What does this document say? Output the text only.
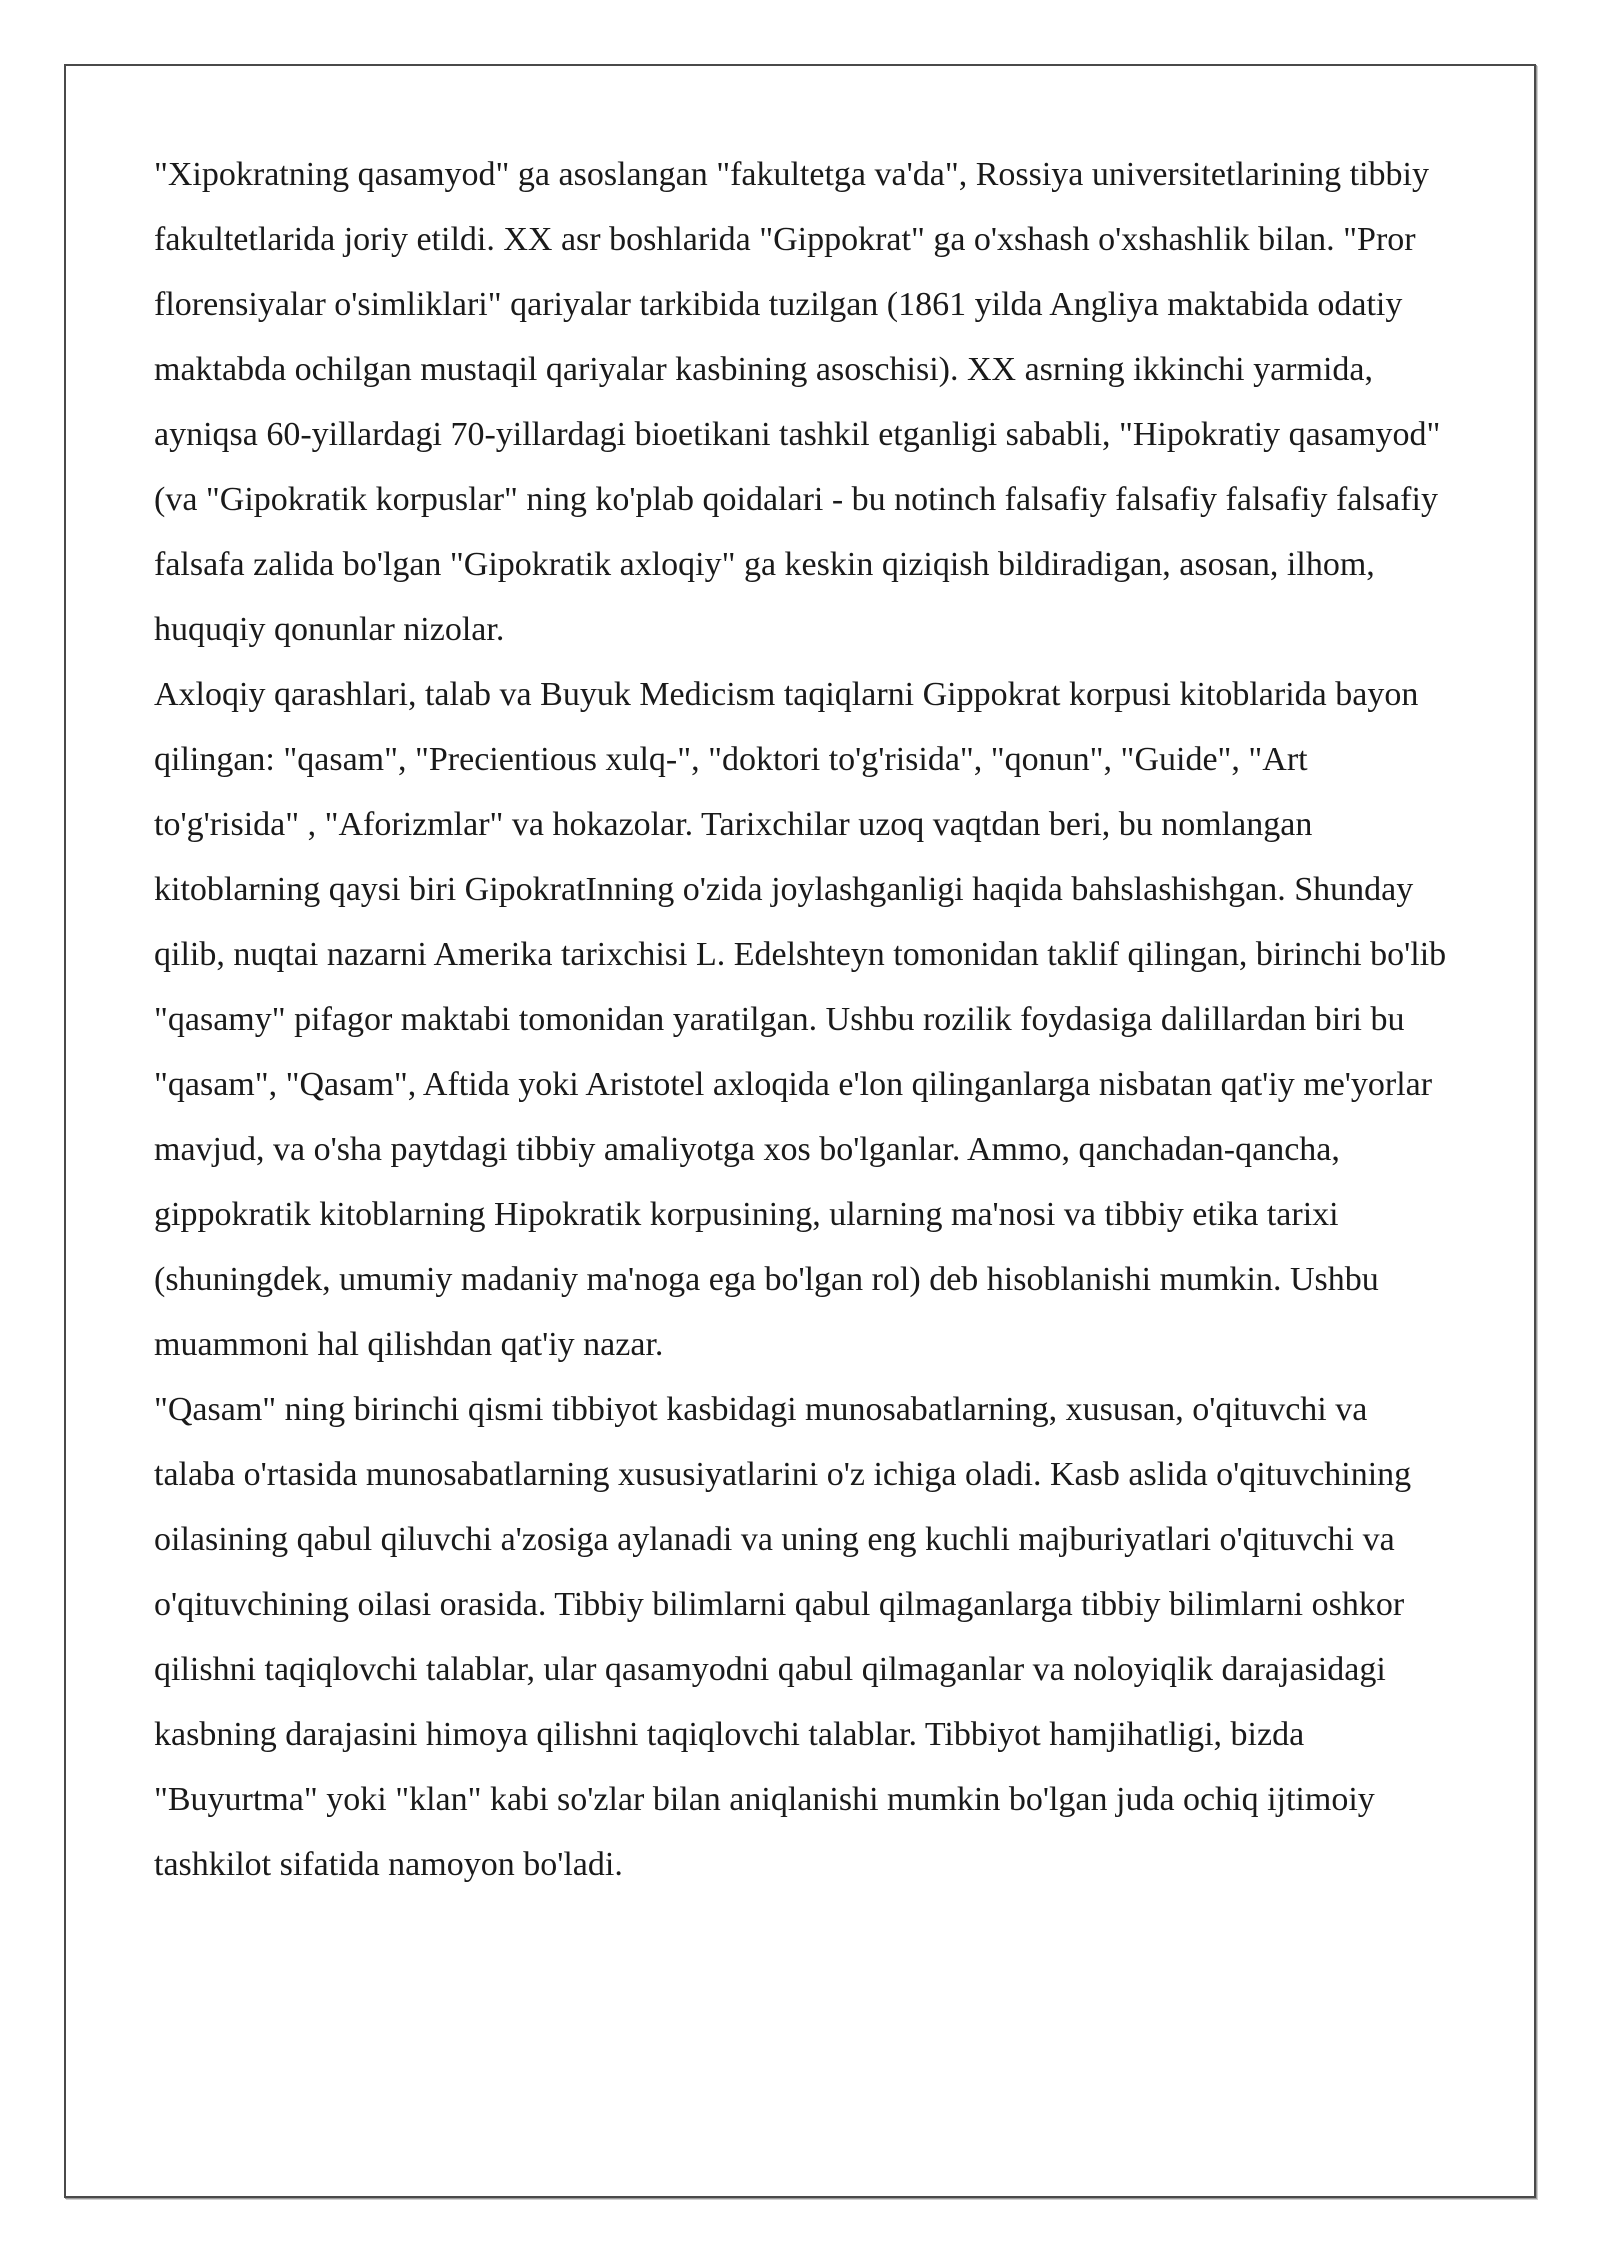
"Xipokratning qasamyod" ga asoslangan "fakultetga va'da", Rossiya universitetlarining tibbiy fakultetlarida joriy etildi. XX asr boshlarida "Gippokrat" ga o'xshash o'xshashlik bilan. "Pror florensiyalar o'simliklari" qariyalar tarkibida tuzilgan (1861 yilda Angliya maktabida odatiy maktabda ochilgan mustaqil qariyalar kasbining asoschisi). XX asrning ikkinchi yarmida, ayniqsa 60-yillardagi 70-yillardagi bioetikani tashkil etganligi sababli, "Hipokratiy qasamyod" (va "Gipokratik korpuslar" ning ko'plab qoidalari - bu notinch falsafiy falsafiy falsafiy falsafiy falsafa zalida bo'lgan "Gipokratik axloqiy" ga keskin qiziqish bildiradigan, asosan, ilhom, huquqiy qonunlar nizolar.

Axloqiy qarashlari, talab va Buyuk Medicism taqiqlarni Gippokrat korpusi kitoblarida bayon qilingan: "qasam", "Precientious xulq-", "doktori to'g'risida", "qonun", "Guide", "Art to'g'risida" , "Aforizmlar" va hokazolar. Tarixchilar uzoq vaqtdan beri, bu nomlangan kitoblarning qaysi biri GipokratInning o'zida joylashganligi haqida bahslashishgan. Shunday qilib, nuqtai nazarni Amerika tarixchisi L. Edelshteyn tomonidan taklif qilingan, birinchi bo'lib "qasamy" pifagor maktabi tomonidan yaratilgan. Ushbu rozilik foydasiga dalillardan biri bu "qasam", "Qasam", Aftida yoki Aristotel axloqida e'lon qilinganlarga nisbatan qat'iy me'yorlar mavjud, va o'sha paytdagi tibbiy amaliyotga xos bo'lganlar. Ammo, qanchadan-qancha, gippokratik kitoblarning Hipokratik korpusining, ularning ma'nosi va tibbiy etika tarixi (shuningdek, umumiy madaniy ma'noga ega bo'lgan rol) deb hisoblanishi mumkin. Ushbu muammoni hal qilishdan qat'iy nazar.

"Qasam" ning birinchi qismi tibbiyot kasbidagi munosabatlarning, xususan, o'qituvchi va talaba o'rtasida munosabatlarning xususiyatlarini o'z ichiga oladi. Kasb aslida o'qituvchining oilasining qabul qiluvchi a'zosiga aylanadi va uning eng kuchli majburiyatlari o'qituvchi va o'qituvchining oilasi orasida. Tibbiy bilimlarni qabul qilmaganlarga tibbiy bilimlarni oshkor qilishni taqiqlovchi talablar, ular qasamyodni qabul qilmaganlar va noloyiqlik darajasidagi kasbning darajasini himoya qilishni taqiqlovchi talablar. Tibbiyot hamjihatligi, bizda "Buyurtma" yoki "klan" kabi so'zlar bilan aniqlanishi mumkin bo'lgan juda ochiq ijtimoiy tashkilot sifatida namoyon bo'ladi.
